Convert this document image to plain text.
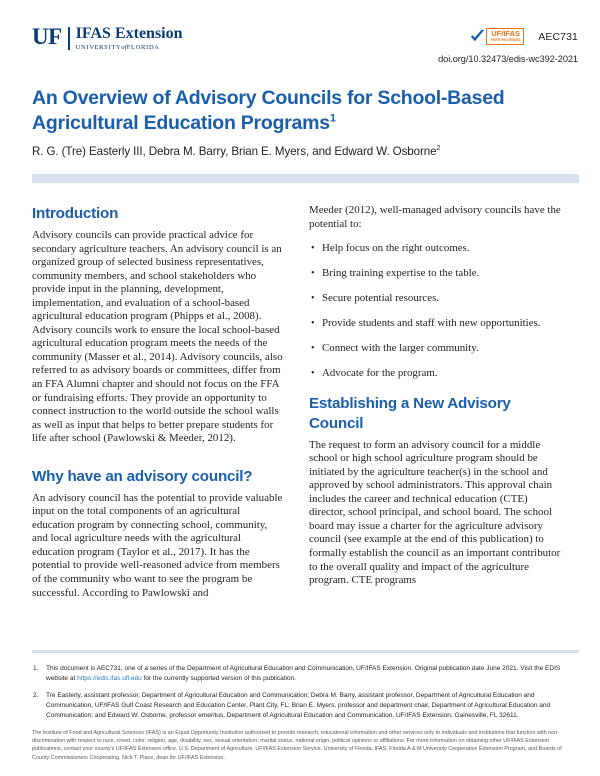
UF IFAS Extension
UNIVERSITYofFLORIDA
UF/IFAS
PEER REVIEWED AEC731
doi.org/10.32473/edis-wc392-2021
An Overview of Advisory Councils for School-Based Agricultural Education Programs$^1$
R. G. (Tre) Easterly III, Debra M. Barry, Brian E. Myers, and Edward W. Osborne$^2$
Introduction

Advisory councils can provide practical advice for secondary agriculture teachers. An advisory council is an organized group of selected business representatives, community members, and school stakeholders who provide input in the planning, development, implementation, and evaluation of a school-based agricultural education program (Phipps et al., 2008). Advisory councils work to ensure the local school-based agricultural education program meets the needs of the community (Masser et al., 2014). Advisory councils, also referred to as advisory boards or committees, differ from an FFA Alumni chapter and should not focus on the FFA or fundraising efforts. They provide an opportunity to connect instruction to the world outside the school walls as well as input that helps to better prepare students for life after school (Pawlowski & Meeder, 2012).

Why have an advisory council?

An advisory council has the potential to provide valuable input on the total components of an agricultural education program by connecting school, community, and local agriculture needs with the agricultural education program (Taylor et al., 2017). It has the potential to provide well-reasoned advice from members of the community who want to see the program be successful. According to Pawlowski and

Meeder (2012), well-managed advisory councils have the potential to:

• Help focus on the right outcomes.
• Bring training expertise to the table.
• Secure potential resources.
• Provide students and staff with new opportunities.
• Connect with the larger community.
• Advocate for the program.
Establishing a New Advisory Council

The request to form an advisory council for a middle school or high school agriculture program should be initiated by the agriculture teacher(s) in the school and approved by school administrators. This approval chain includes the career and technical education (CTE) director, school principal, and school board. The school board may issue a charter for the agriculture advisory council (see example at the end of this publication) to formally establish the council as an important contributor to the overall quality and impact of the agriculture program. CTE programs

1. This document is AEC731, one of a series of the Department of Agricultural Education and Communication, UF/IFAS Extension. Original publication date June 2021. Visit the EDIS website at https://edis.ifas.ufl.edu for the currently supported version of this publication.
2. Tre Easterly, assistant professor, Department of Agricultural Education and Communication; Debra M. Barry, assistant professor, Department of Agricultural Education and Communication, UF/IFAS Gulf Coast Research and Education Center, Plant City, FL; Brian E. Myers, professor and department chair, Department of Agricultural Education and Communication; and Edward W. Osborne, professor emeritus, Department of Agricultural Education and Communication, UF/IFAS Extension, Gainesville, FL 32611.
The Institute of Food and Agricultural Sciences (IFAS) is an Equal Opportunity Institution authorized to provide research, educational information and other services only to individuals and institutions that function with non-discrimination with respect to race, creed, color, religion, age, disability, sex, sexual orientation, marital status, national origin, political opinions or affiliations. For more information on obtaining other UF/IFAS Extension publications, contact your county's UF/IFAS Extension office. U.S. Department of Agriculture, UF/IFAS Extension Service, University of Florida, IFAS, Florida A & M University Cooperative Extension Program, and Boards of County Commissioners Cooperating. Nick T. Place, dean for UF/IFAS Extension.
